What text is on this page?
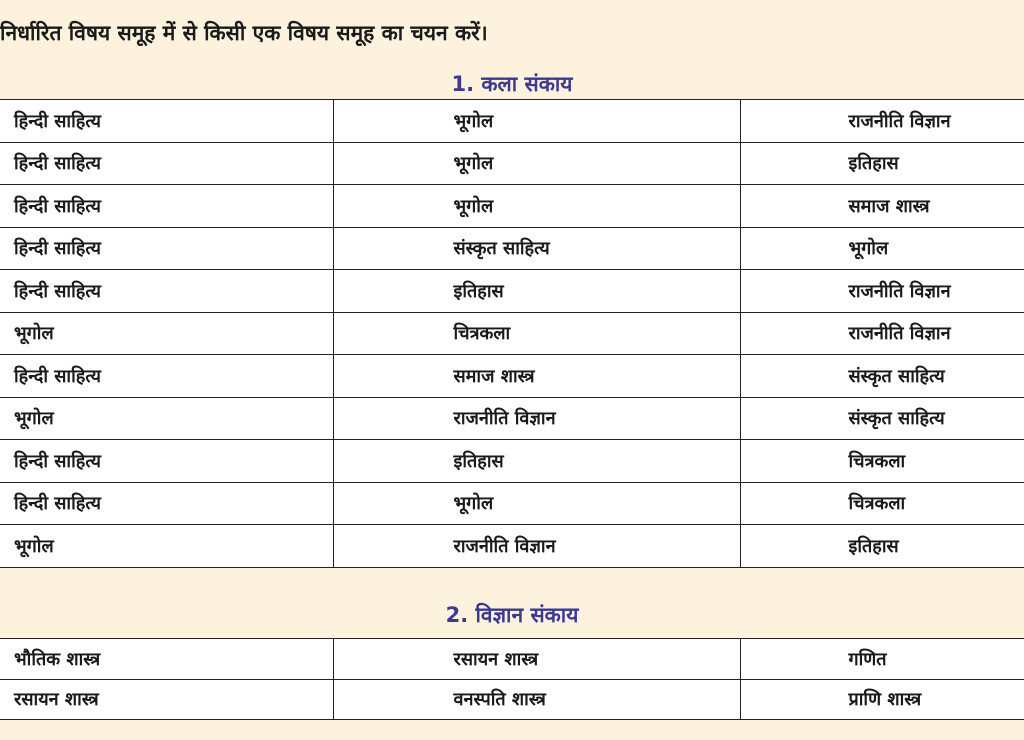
निर्धारित विषय समूह में से किसी एक विषय समूह का चयन करें।
1. कला संकाय
हिन्दी साहित्य	भूगोल	राजनीति विज्ञान
हिन्दी साहित्य	भूगोल	इतिहास
हिन्दी साहित्य	भूगोल	समाज शास्त्र
हिन्दी साहित्य	संस्कृत साहित्य	भूगोल
हिन्दी साहित्य	इतिहास	राजनीति विज्ञान
भूगोल	चित्रकला	राजनीति विज्ञान
हिन्दी साहित्य	समाज शास्त्र	संस्कृत साहित्य
भूगोल	राजनीति विज्ञान	संस्कृत साहित्य
हिन्दी साहित्य	इतिहास	चित्रकला
हिन्दी साहित्य	भूगोल	चित्रकला
भूगोल	राजनीति विज्ञान	इतिहास
2. विज्ञान संकाय
भौतिक शास्त्र	रसायन शास्त्र	गणित
रसायन शास्त्र	वनस्पति शास्त्र	प्राणि शास्त्र
